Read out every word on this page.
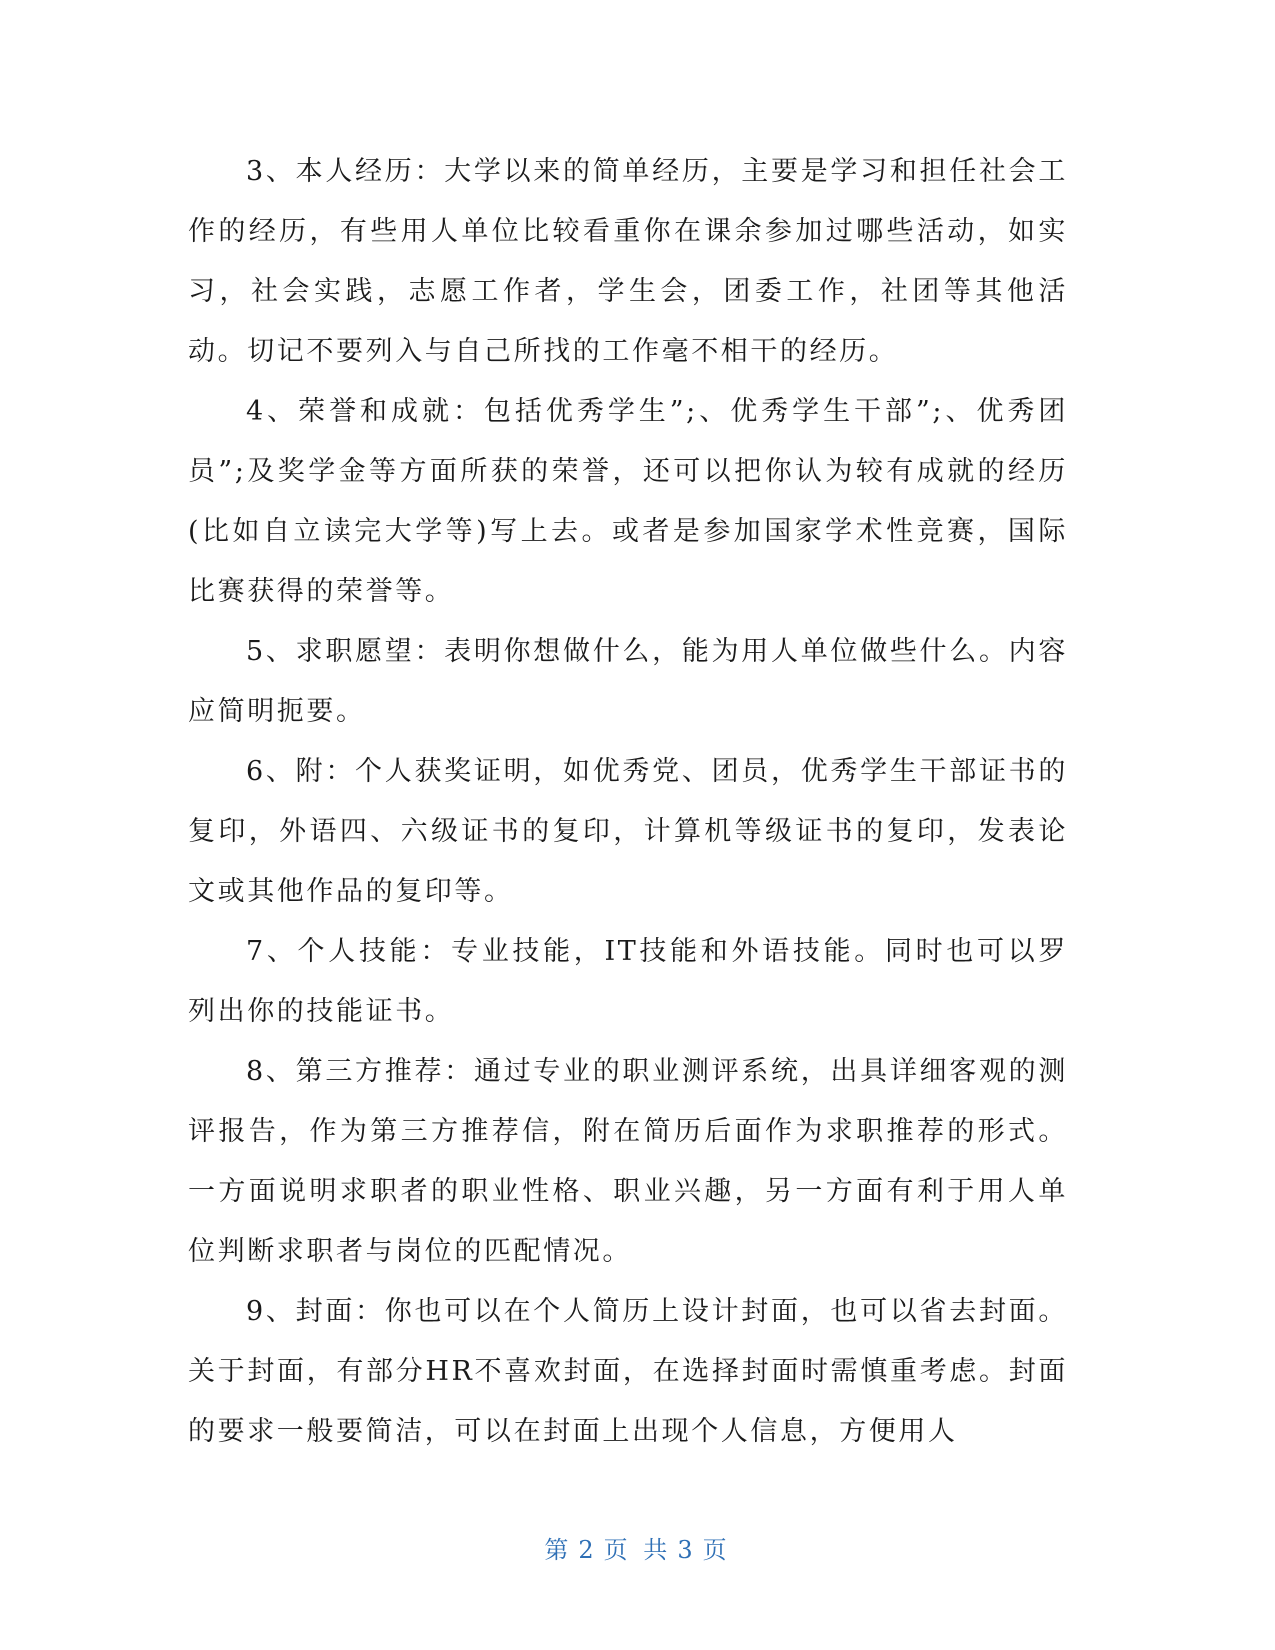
3、本人经历：大学以来的简单经历，主要是学习和担任社会工作的经历，有些用人单位比较看重你在课余参加过哪些活动，如实习，社会实践，志愿工作者，学生会，团委工作，社团等其他活动。切记不要列入与自己所找的工作毫不相干的经历。

4、荣誉和成就：包括优秀学生”;、优秀学生干部”;、优秀团员”;及奖学金等方面所获的荣誉，还可以把你认为较有成就的经历(比如自立读完大学等)写上去。或者是参加国家学术性竞赛，国际比赛获得的荣誉等。

5、求职愿望：表明你想做什么，能为用人单位做些什么。内容应简明扼要。

6、附：个人获奖证明，如优秀党、团员，优秀学生干部证书的复印，外语四、六级证书的复印，计算机等级证书的复印，发表论文或其他作品的复印等。

7、个人技能：专业技能，IT技能和外语技能。同时也可以罗列出你的技能证书。

8、第三方推荐：通过专业的职业测评系统，出具详细客观的测评报告，作为第三方推荐信，附在简历后面作为求职推荐的形式。一方面说明求职者的职业性格、职业兴趣，另一方面有利于用人单位判断求职者与岗位的匹配情况。

9、封面：你也可以在个人简历上设计封面，也可以省去封面。关于封面，有部分HR不喜欢封面，在选择封面时需慎重考虑。封面的要求一般要简洁，可以在封面上出现个人信息，方便用人

第 2 页 共 3 页
